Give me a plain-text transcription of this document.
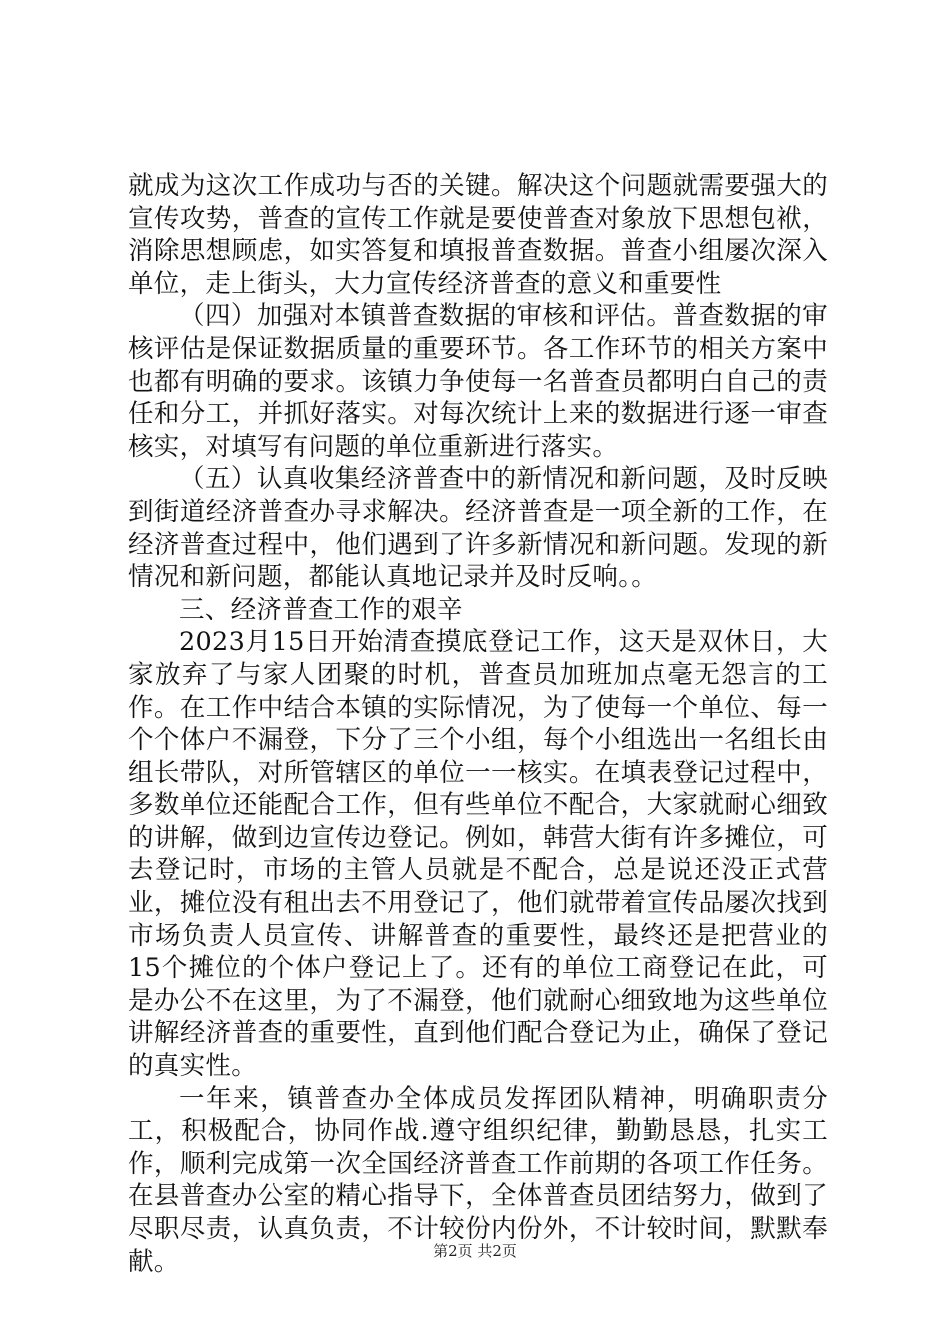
就成为这次工作成功与否的关键。解决这个问题就需要强大的宣传攻势，普查的宣传工作就是要使普查对象放下思想包袱，消除思想顾虑，如实答复和填报普查数据。普查小组屡次深入单位，走上街头，大力宣传经济普查的意义和重要性

（四）加强对本镇普查数据的审核和评估。普查数据的审核评估是保证数据质量的重要环节。各工作环节的相关方案中也都有明确的要求。该镇力争使每一名普查员都明白自己的责任和分工，并抓好落实。对每次统计上来的数据进行逐一审查核实，对填写有问题的单位重新进行落实。

（五）认真收集经济普查中的新情况和新问题，及时反映到街道经济普查办寻求解决。经济普查是一项全新的工作，在经济普查过程中，他们遇到了许多新情况和新问题。发现的新情况和新问题，都能认真地记录并及时反响。。

三、经济普查工作的艰辛

2023月15日开始清查摸底登记工作，这天是双休日，大家放弃了与家人团聚的时机，普查员加班加点毫无怨言的工作。在工作中结合本镇的实际情况，为了使每一个单位、每一个个体户不漏登，下分了三个小组，每个小组选出一名组长由组长带队，对所管辖区的单位一一核实。在填表登记过程中，多数单位还能配合工作，但有些单位不配合，大家就耐心细致的讲解，做到边宣传边登记。例如，韩营大街有许多摊位，可去登记时，市场的主管人员就是不配合，总是说还没正式营业，摊位没有租出去不用登记了，他们就带着宣传品屡次找到市场负责人员宣传、讲解普查的重要性，最终还是把营业的15个摊位的个体户登记上了。还有的单位工商登记在此，可是办公不在这里，为了不漏登，他们就耐心细致地为这些单位讲解经济普查的重要性，直到他们配合登记为止，确保了登记的真实性。

一年来，镇普查办全体成员发挥团队精神，明确职责分工，积极配合，协同作战.遵守组织纪律，勤勤恳恳，扎实工作，顺利完成第一次全国经济普查工作前期的各项工作任务。在县普查办公室的精心指导下，全体普查员团结努力，做到了尽职尽责，认真负责，不计较份内份外，不计较时间，默默奉献。	第2页 共2页
